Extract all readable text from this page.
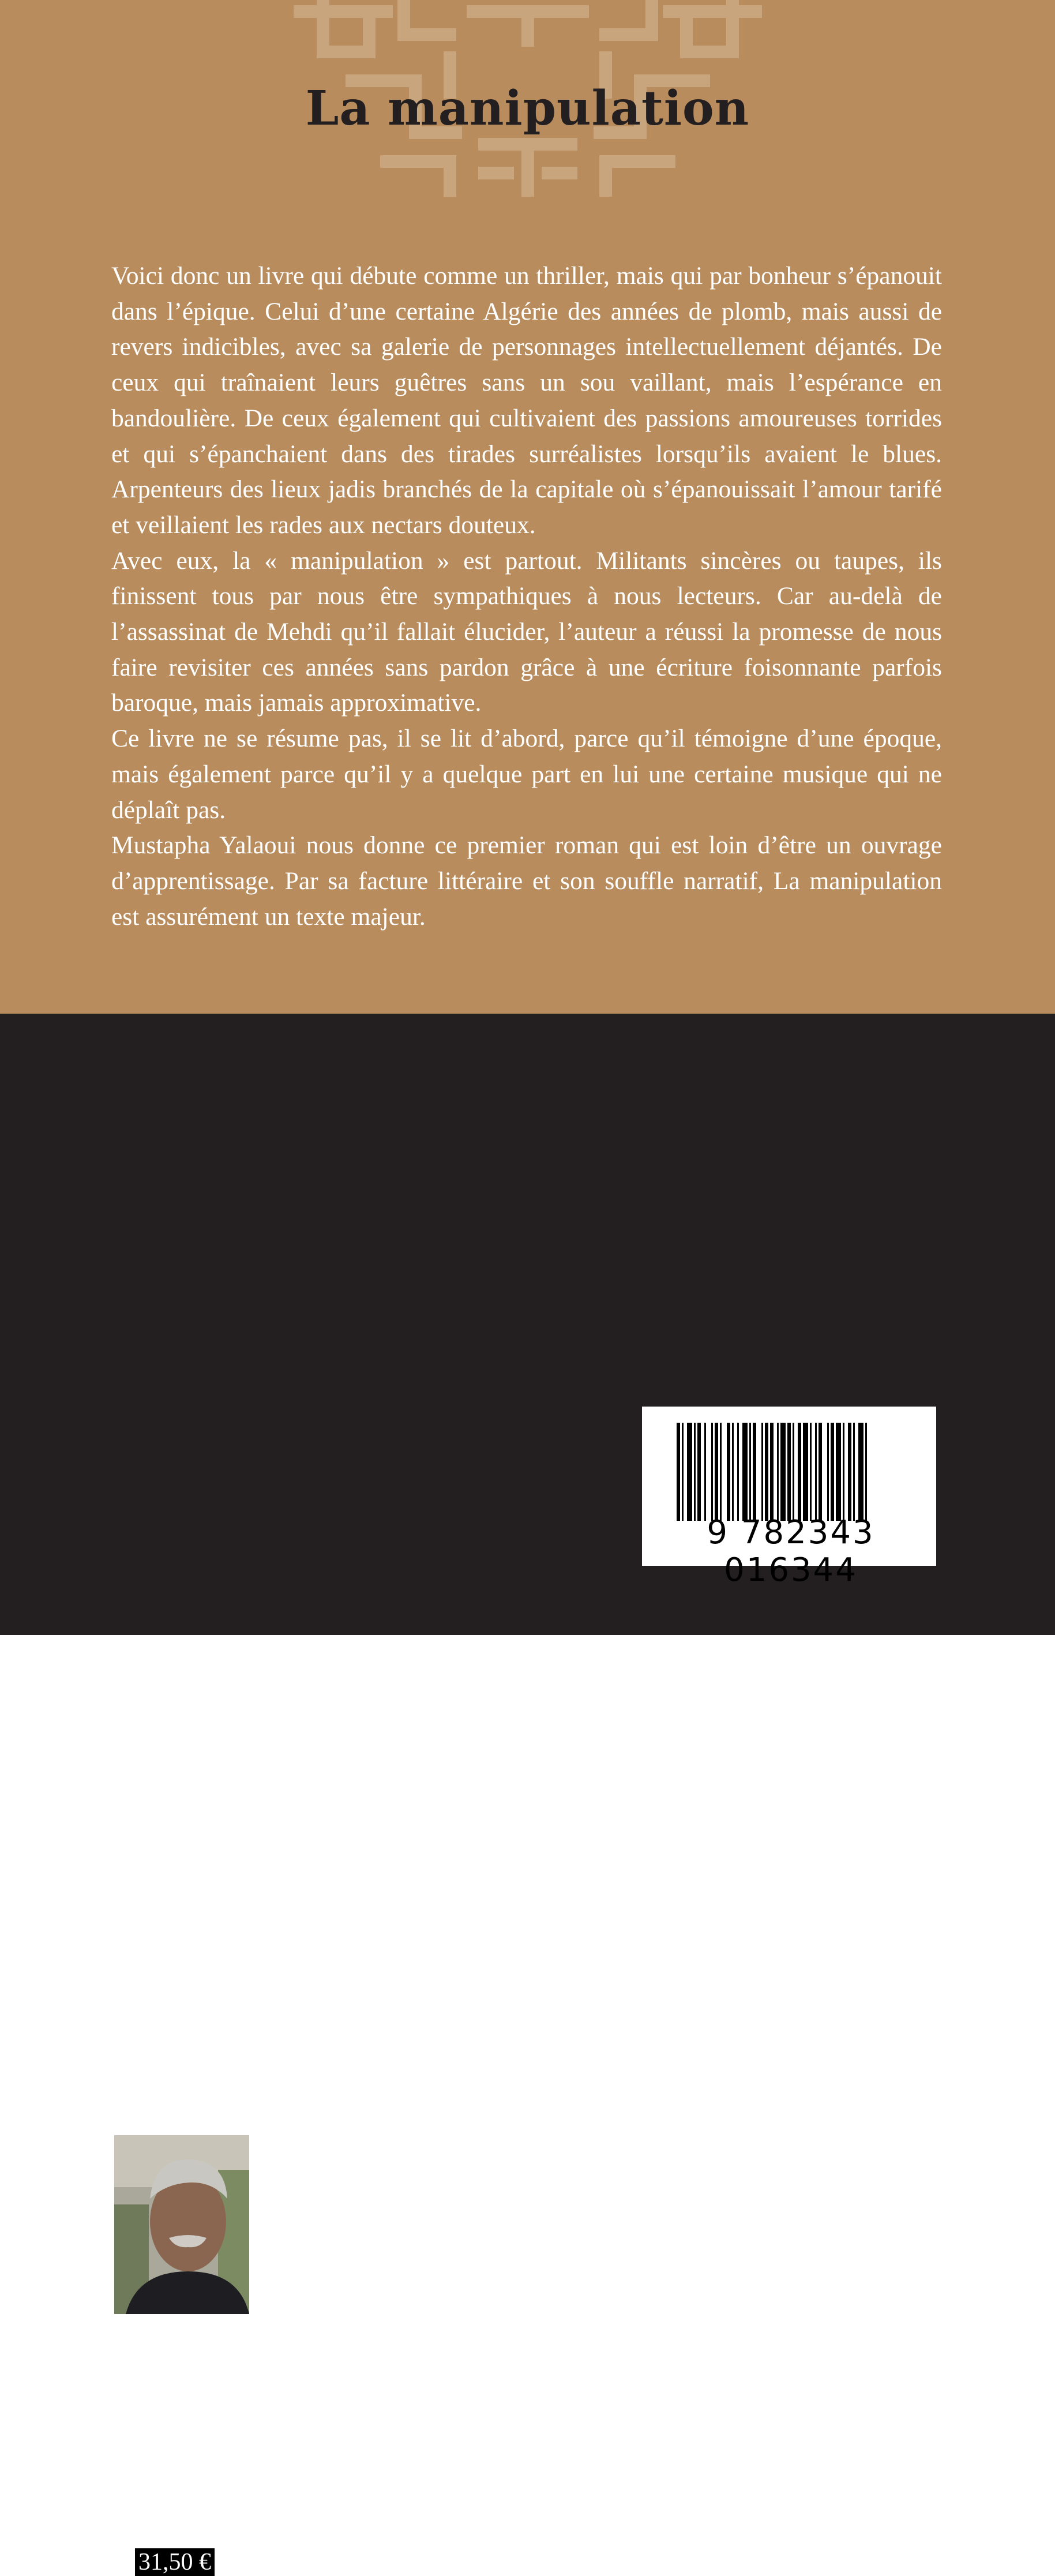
La manipulation

Voici donc un livre qui débute comme un thriller, mais qui par bonheur s’épanouit dans l’épique. Celui d’une certaine Algérie des années de plomb, mais aussi de revers indicibles, avec sa galerie de personnages intellectuellement déjantés. De ceux qui traînaient leurs guêtres sans un sou vaillant, mais l’espérance en bandoulière. De ceux également qui cultivaient des passions amoureuses torrides et qui s’épanchaient dans des tirades surréalistes lorsqu’ils avaient le blues. Arpenteurs des lieux jadis branchés de la capitale où s’épanouissait l’amour tarifé et veillaient les rades aux nectars douteux.

Avec eux, la « manipulation » est partout. Militants sincères ou taupes, ils finissent tous par nous être sympathiques à nous lecteurs. Car au-delà de l’assassinat de Mehdi qu’il fallait élucider, l’auteur a réussi la promesse de nous faire revisiter ces années sans pardon grâce à une écriture foisonnante parfois baroque, mais jamais approximative.

Ce livre ne se résume pas, il se lit d’abord, parce qu’il témoigne d’une époque, mais également parce qu’il y a quelque part en lui une certaine musique qui ne déplaît pas.

Mustapha Yalaoui nous donne ce premier roman qui est loin d’être un ouvrage d’apprentissage. Par sa facture littéraire et son souffle narratif, La manipulation est assurément un texte majeur.

À vingt ans, Mustapha Yalaoui faisait du théâtre dans la troupe de Kateb Yacine. Diplômé de l’École supérieure de journalisme d’Alger, il occupa d’abord le poste de collaborateur de production long métrage à l’ONCIC, avant de rejoindre le service culturel du journal El Moudjahid. En 1990, il participa à la naissance de la presse indépendante et fonda l’hebdomadaire Les Nouvelles de l’Est, deuxième journal libre du pays. En 1992, au lendemain de l’assassinat de Mohamed Boudiaf, il cessa toute activité journalistique pour s’investir dans l’industrie chimique.

ISBN : 978-2-343-01634-4

31,50 €

9 782343 016344
